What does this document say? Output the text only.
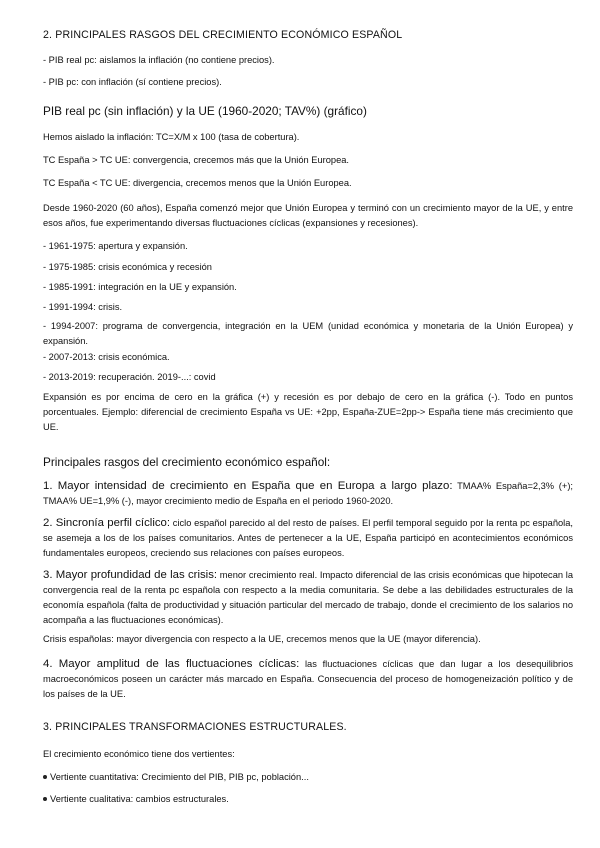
2. PRINCIPALES RASGOS DEL CRECIMIENTO ECONÓMICO ESPAÑOL
- PIB real pc: aislamos la inflación (no contiene precios).
- PIB pc: con inflación (sí contiene precios).
PIB real pc (sin inflación) y la UE (1960-2020; TAV%) (gráfico)
Hemos aislado la inflación: TC=X/M x 100 (tasa de cobertura).
TC España > TC UE: convergencia, crecemos más que la Unión Europea.
TC España < TC UE: divergencia, crecemos menos que la Unión Europea.
Desde 1960-2020 (60 años), España comenzó mejor que Unión Europea y terminó con un crecimiento mayor de la UE, y entre esos años, fue experimentando diversas fluctuaciones cíclicas (expansiones y recesiones).
- 1961-1975: apertura y expansión.
- 1975-1985: crisis económica y recesión
- 1985-1991: integración en la UE y expansión.
- 1991-1994: crisis.
- 1994-2007: programa de convergencia, integración en la UEM (unidad económica y monetaria de la Unión Europea) y expansión.
- 2007-2013: crisis económica.
- 2013-2019: recuperación. 2019-...: covid
Expansión es por encima de cero en la gráfica (+) y recesión es por debajo de cero en la gráfica (-). Todo en puntos porcentuales. Ejemplo: diferencial de crecimiento España vs UE: +2pp, España-ZUE=2pp-> España tiene más crecimiento que UE.
Principales rasgos del crecimiento económico español:
1. Mayor intensidad de crecimiento en España que en Europa a largo plazo: TMAA% España=2,3% (+); TMAA% UE=1,9% (-), mayor crecimiento medio de España en el periodo 1960-2020.
2. Sincronía perfil cíclico: ciclo español parecido al del resto de países. El perfil temporal seguido por la renta pc española, se asemeja a los de los países comunitarios. Antes de pertenecer a la UE, España participó en acontecimientos económicos fundamentales europeos, creciendo sus relaciones con países europeos.
3. Mayor profundidad de las crisis: menor crecimiento real. Impacto diferencial de las crisis económicas que hipotecan la convergencia real de la renta pc española con respecto a la media comunitaria. Se debe a las debilidades estructurales de la economía española (falta de productividad y situación particular del mercado de trabajo, donde el crecimiento de los salarios no acompaña a las fluctuaciones económicas).
Crisis españolas: mayor divergencia con respecto a la UE, crecemos menos que la UE (mayor diferencia).
4. Mayor amplitud de las fluctuaciones cíclicas: las fluctuaciones cíclicas que dan lugar a los desequilibrios macroeconómicos poseen un carácter más marcado en España. Consecuencia del proceso de homogeneización político y de los países de la UE.
3. PRINCIPALES TRANSFORMACIONES ESTRUCTURALES.
El crecimiento económico tiene dos vertientes:
Vertiente cuantitativa: Crecimiento del PIB, PIB pc, población...
Vertiente cualitativa: cambios estructurales.
